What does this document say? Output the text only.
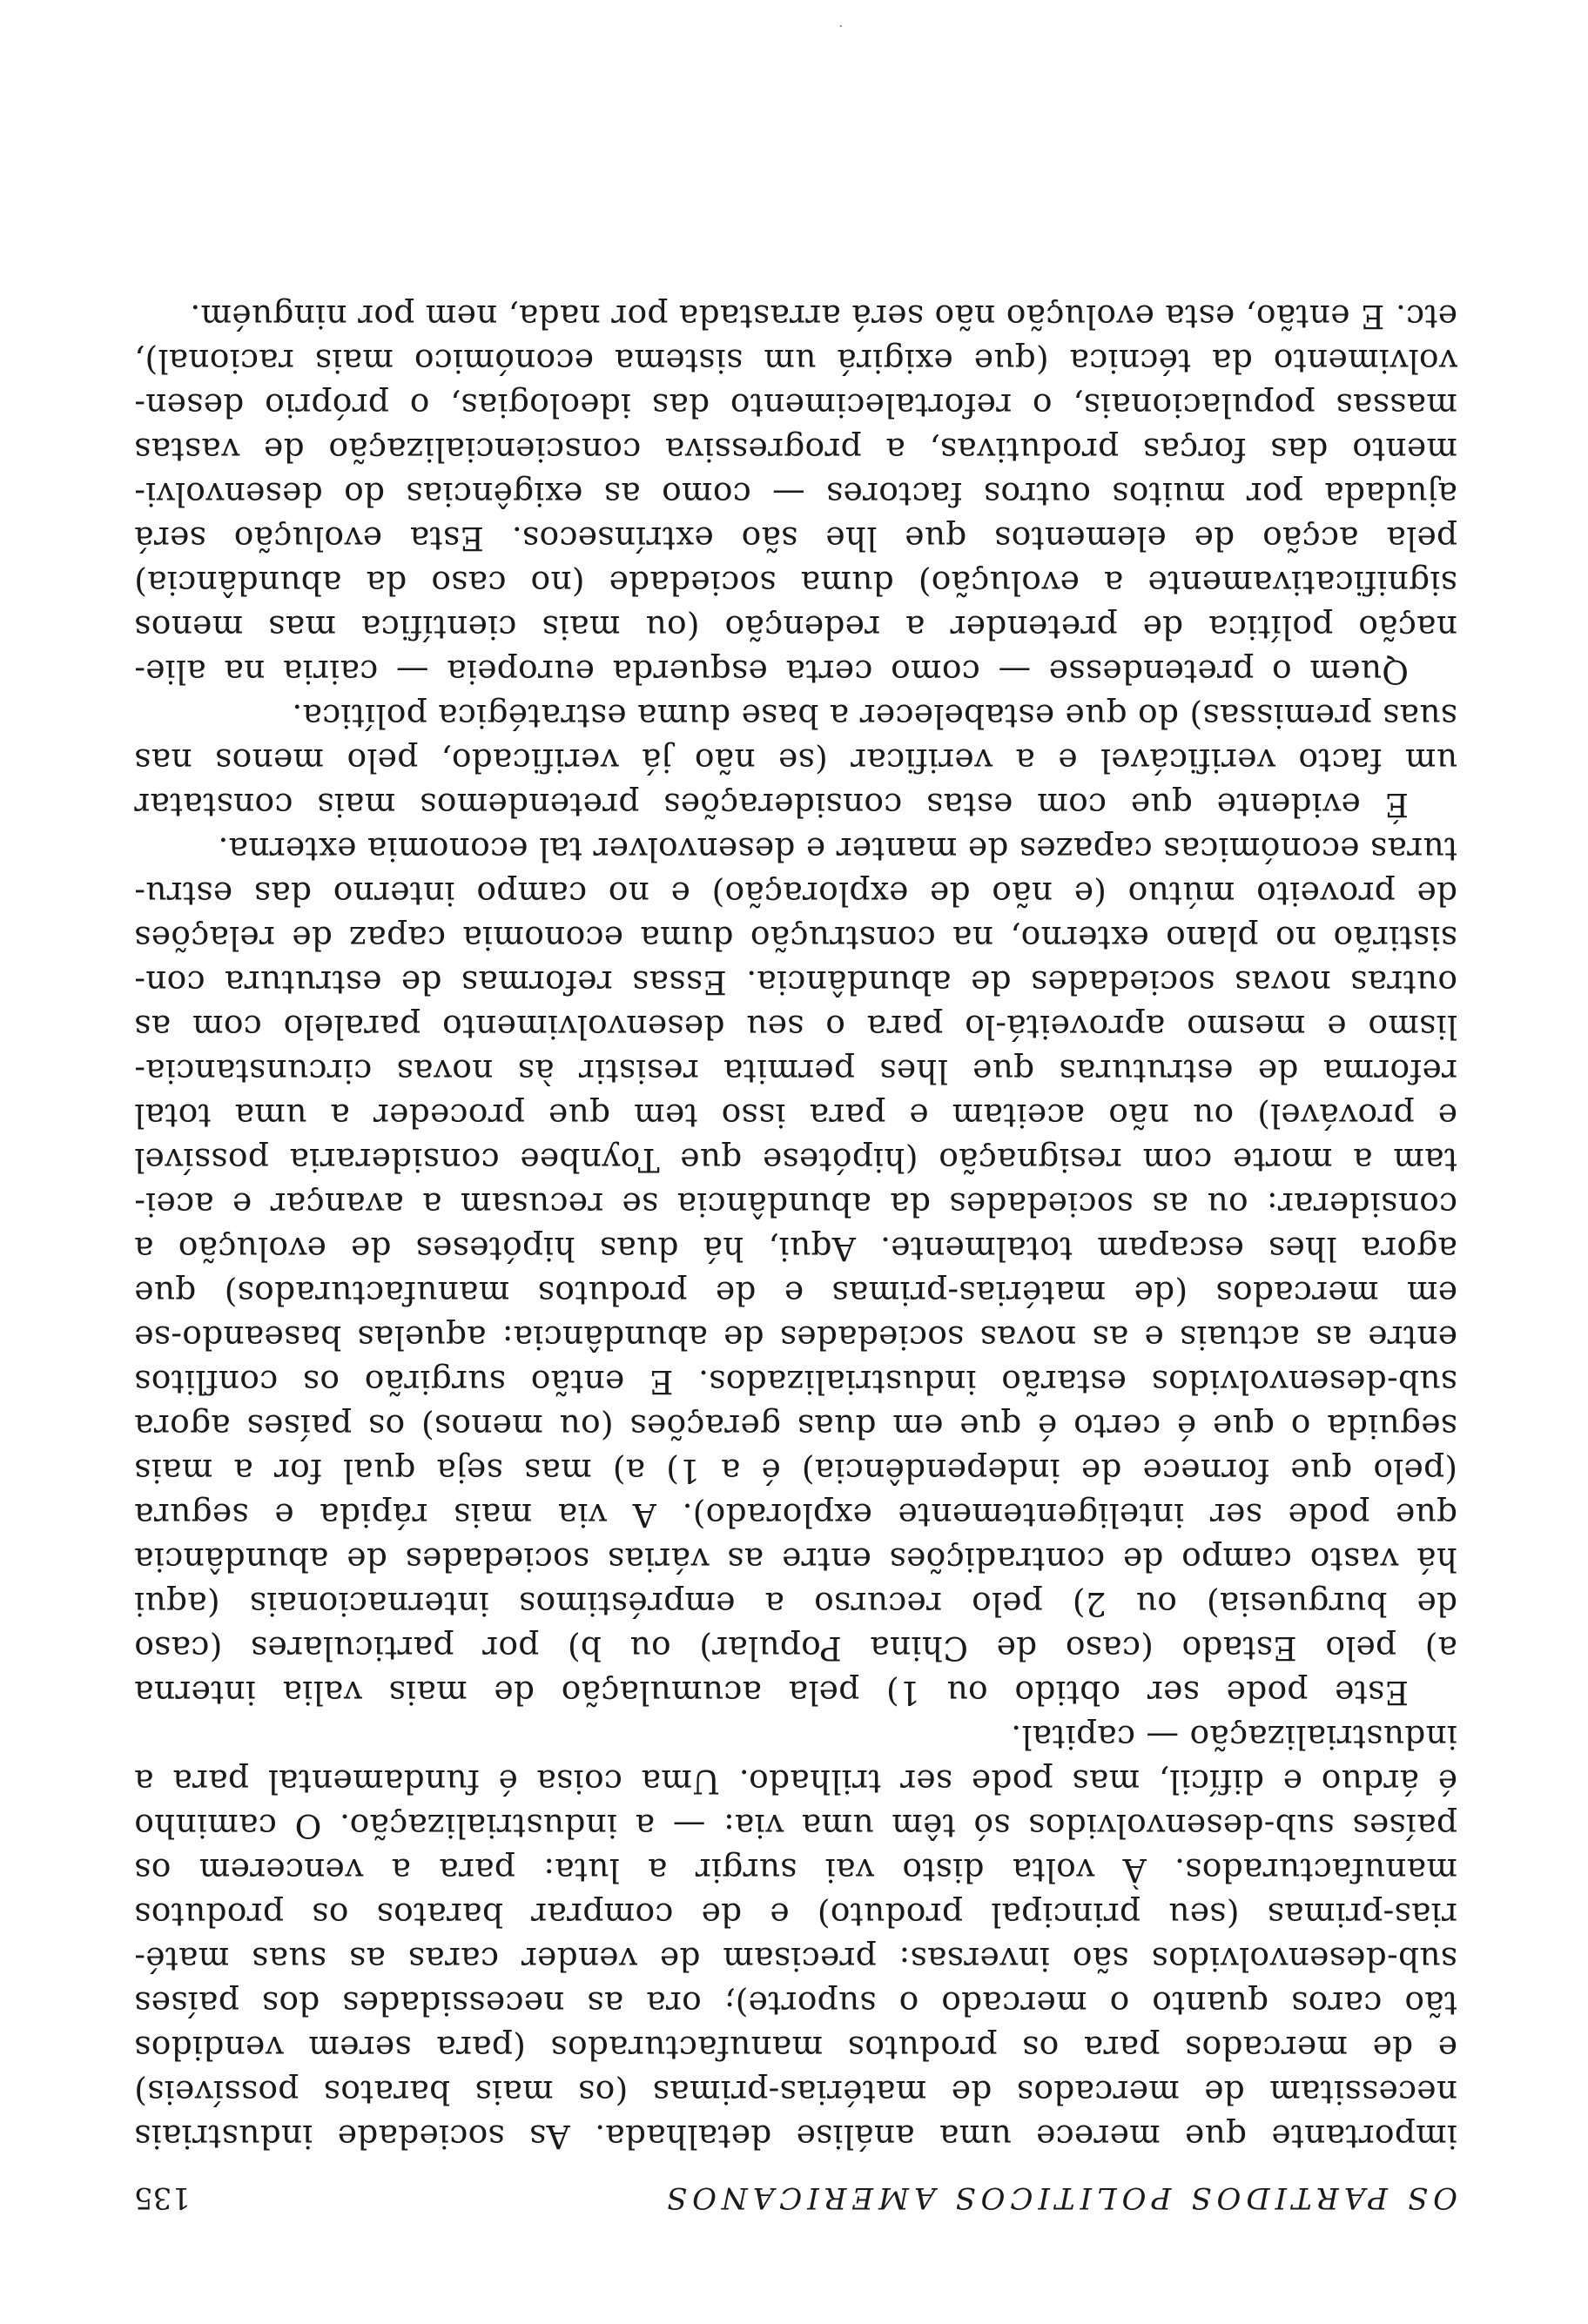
OS PARTIDOS POLITICOS AMERICANOS
135
importante que merece uma análise detalhada. As sociedade industriais
necessitam de mercados de matérias-primas (os mais baratos possíveis)
e de mercados para os produtos manufacturados (para serem vendidos
tão caros quanto o mercado o suporte); ora as necessidades dos países
sub-desenvolvidos são inversas: precisam de vender caras as suas maté-
rias-primas (seu principal produto) e de comprar baratos os produtos
manufacturados. À volta disto vai surgir a luta: para a vencerem os
países sub-desenvolvidos só têm uma via: — a industrialização. O caminho
é árduo e difícil, mas pode ser trilhado. Uma coisa é fundamental para a
industrialização — capital.
Este pode ser obtido ou 1) pela acumulação de mais valia interna
a) pelo Estado (caso de China Popular) ou b) por particulares (caso
de burguesia) ou 2) pelo recurso a empréstimos internacionais (aqui
há vasto campo de contradições entre as várias sociedades de abundância
que pode ser inteligentemente explorado). A via mais rápida e segura
(pelo que fornece de independência) é a 1) a) mas seja qual for a mais
seguida o que é certo é que em duas gerações (ou menos) os países agora
sub-desenvolvidos estarão industrializados. E então surgirão os conflitos
entre as actuais e as novas sociedades de abundância: aquelas baseando-se
em mercados (de matérias-primas e de produtos manufacturados) que
agora lhes escapam totalmente. Aqui, há duas hipóteses de evolução a
considerar: ou as sociedades da abundância se recusam a avançar e acei-
tam a morte com resignação (hipótese que Toynbee consideraria possível
e provável) ou não aceitam e para isso tem que proceder a uma total
reforma de estruturas que lhes permita resistir às novas circunstancia-
lismo e mesmo aproveitá-lo para o seu desenvolvimento paralelo com as
outras novas sociedades de abundância. Essas reformas de estrutura con-
sistirão no plano externo, na construção duma economia capaz de relações
de proveito mútuo (e não de exploração) e no campo interno das estru-
turas económicas capazes de manter e desenvolver tal economia externa.
É evidente que com estas considerações pretendemos mais constatar
um facto verificável e a verificar (se não já verificado, pelo menos nas
suas premissas) do que estabelecer a base duma estratégica política.
Quem o pretendesse — como certa esquerda europeia — cairia na alie-
nação política de pretender a redenção (ou mais científica mas menos
significativamente a evolução) duma sociedade (no caso da abundância)
pela acção de elementos que lhe são extrínsecos. Esta evolução será
ajudada por muitos outros factores — como as exigências do desenvolvi-
mento das forças produtivas, a progressiva consciencialização de vastas
massas populacionais, o refortalecimento das ideologias, o próprio desen-
volvimento da técnica (que exigirá um sistema económico mais racional),
etc. E então, esta evolução não será arrastada por nada, nem por ninguém.
·
